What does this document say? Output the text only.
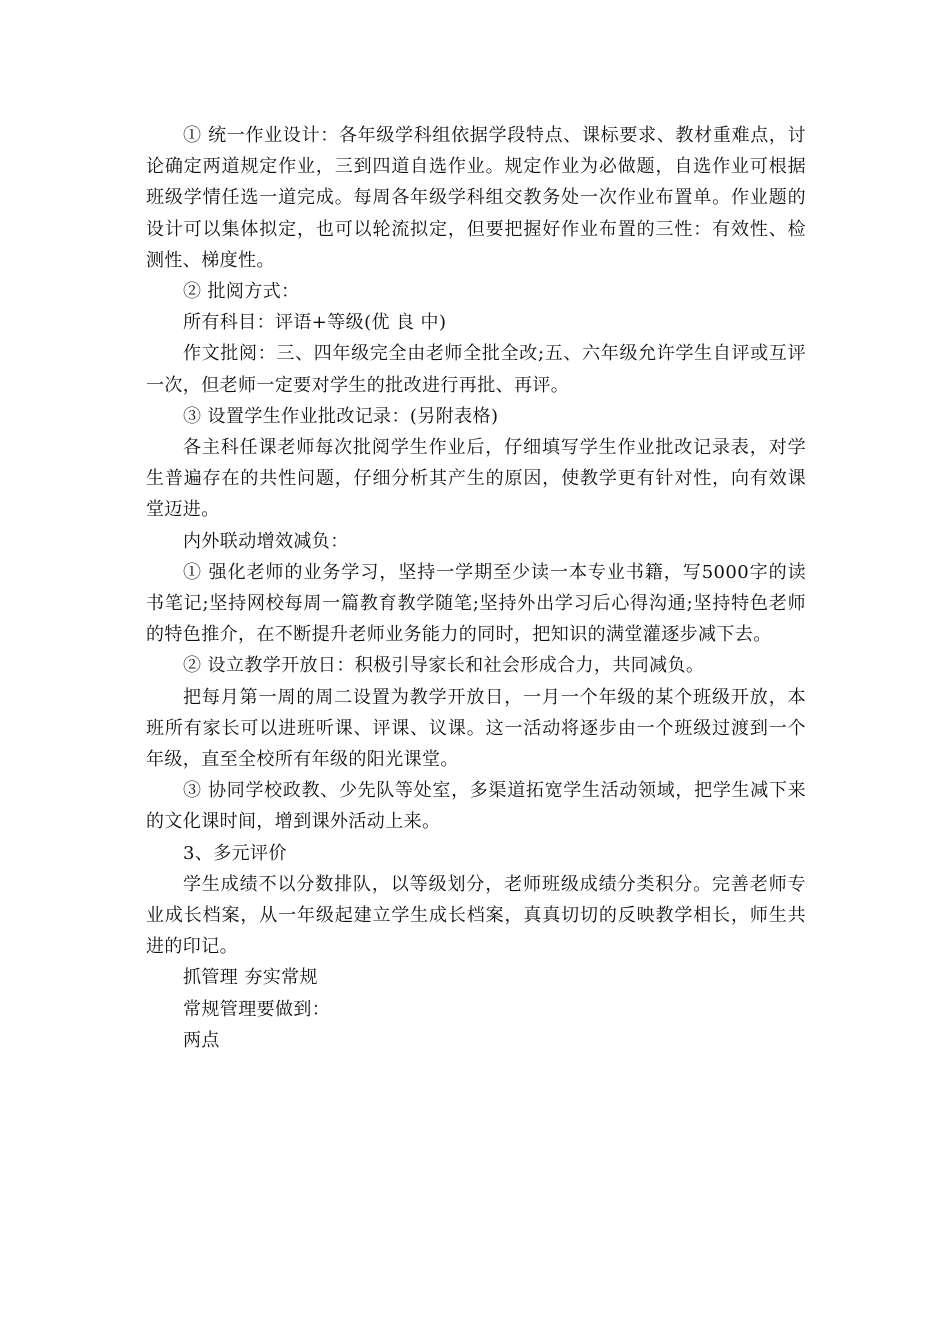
① 统一作业设计：各年级学科组依据学段特点、课标要求、教材重难点，讨论确定两道规定作业，三到四道自选作业。规定作业为必做题，自选作业可根据班级学情任选一道完成。每周各年级学科组交教务处一次作业布置单。作业题的设计可以集体拟定，也可以轮流拟定，但要把握好作业布置的三性：有效性、检测性、梯度性。

② 批阅方式：

所有科目：评语+等级(优 良 中)

作文批阅：三、四年级完全由老师全批全改;五、六年级允许学生自评或互评一次，但老师一定要对学生的批改进行再批、再评。

③ 设置学生作业批改记录：(另附表格)

各主科任课老师每次批阅学生作业后，仔细填写学生作业批改记录表，对学生普遍存在的共性问题，仔细分析其产生的原因，使教学更有针对性，向有效课堂迈进。

内外联动增效减负：

① 强化老师的业务学习，坚持一学期至少读一本专业书籍，写5000字的读书笔记;坚持网校每周一篇教育教学随笔;坚持外出学习后心得沟通;坚持特色老师的特色推介，在不断提升老师业务能力的同时，把知识的满堂灌逐步减下去。

② 设立教学开放日：积极引导家长和社会形成合力，共同减负。

把每月第一周的周二设置为教学开放日，一月一个年级的某个班级开放，本班所有家长可以进班听课、评课、议课。这一活动将逐步由一个班级过渡到一个年级，直至全校所有年级的阳光课堂。

③ 协同学校政教、少先队等处室，多渠道拓宽学生活动领域，把学生减下来的文化课时间，增到课外活动上来。

3、多元评价

学生成绩不以分数排队，以等级划分，老师班级成绩分类积分。完善老师专业成长档案，从一年级起建立学生成长档案，真真切切的反映教学相长，师生共进的印记。

抓管理 夯实常规

常规管理要做到：

两点
